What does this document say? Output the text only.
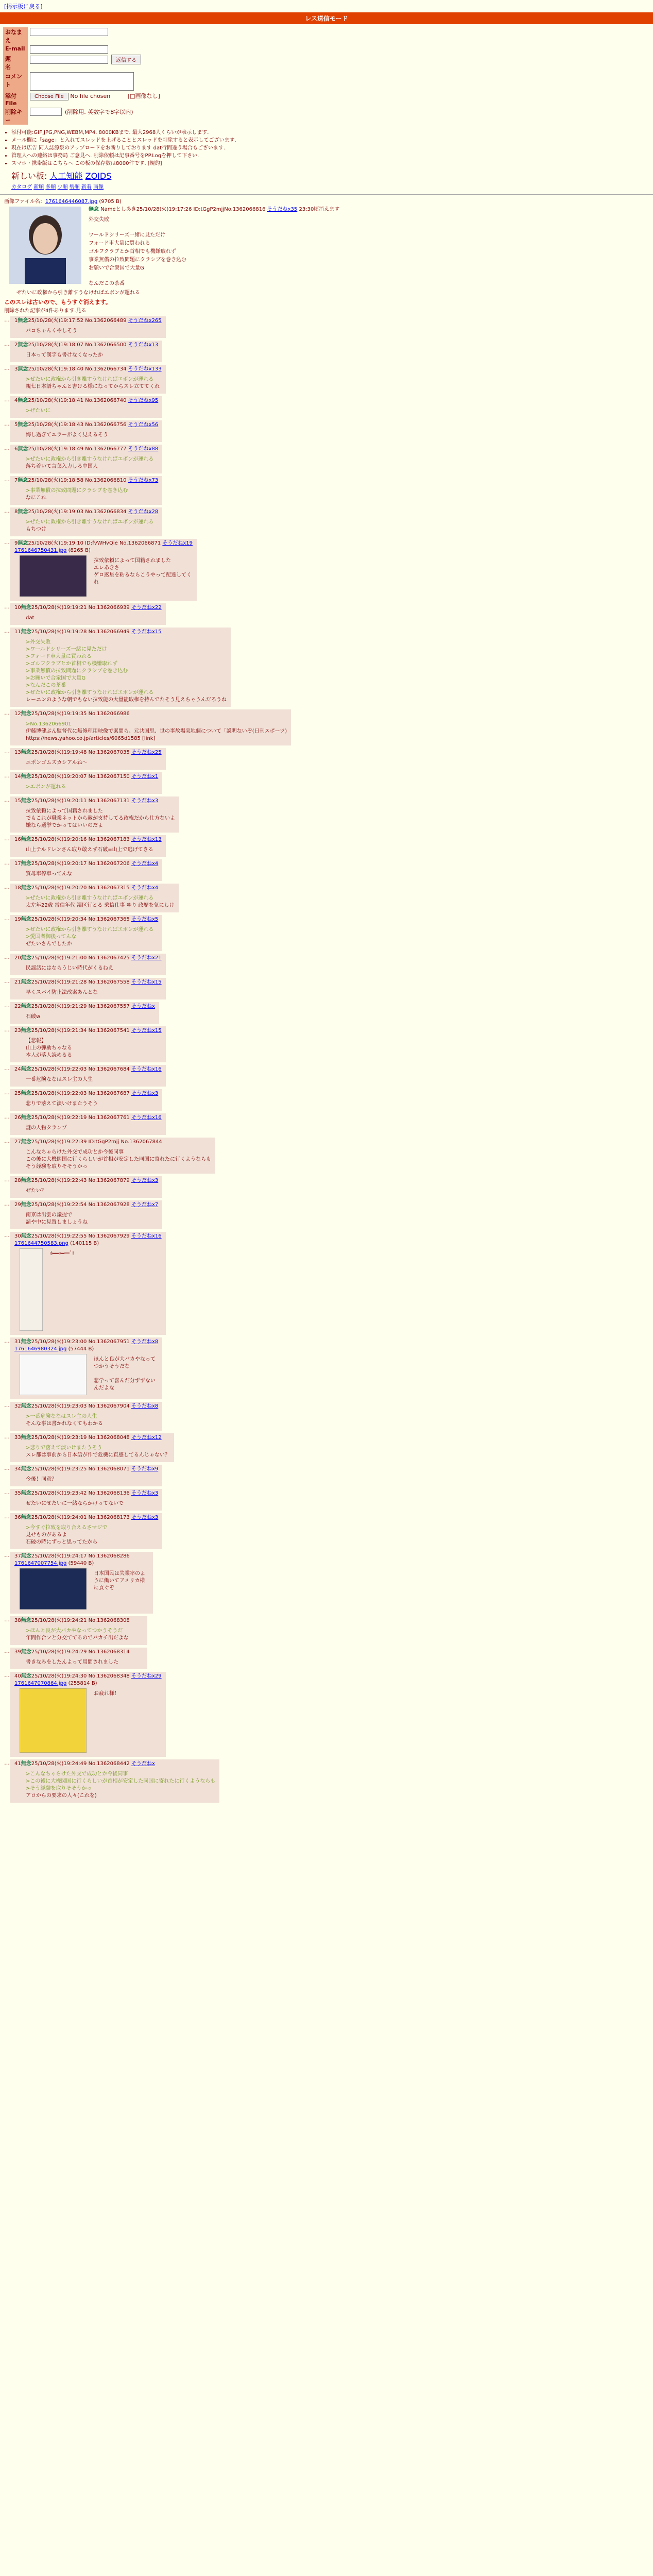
[掲示板に戻る]
レス送信モード
おなまえ	

E-mail	

題　　名	返信する

コメント	

添付File	Choose File No file chosen [□画像なし]
削除キー	(削除用. 英数字で8字以内)
• 添付可能:GIF,JPG,PNG,WEBM,MP4. 8000KBまで. 最大2968人くらいが表示します.
• メール欄に「sage」と入れてスレッドを上げることとスレッドを削除すると表示してございます.
• 現在は広告 同人誌源泉のアップロードをお断りしております dat行間違う場合もございます.
• 管理人への連絡は事務局 ご意見へ. 削除依頼は記事番号をPP.Logを押して下さい.
• スマホ・携帯版はこちらへ この板の保存数は8000件です. [規約]
新しい板: 人工知能 ZOIDS
カタログ 新順 多順 少順 勢順 新着 画像
画像ファイル名：1761646446087.jpg (9705 B)
無念 Nameとしあき25/10/28(火)19:17:26 ID:tGgP2mjjNo.1362066816 そうだねx35 23:30頃消えます
外交失敗
ワールドシリーズ一緒に見ただけ
フォード車大量に買われる
ゴルフクラブとか首相でも機嫌取れず
事業無償の拉致問題にクラシブを巻き込む
お願いで合衆国で大量G
なんだこの茶番
ぜたいに政権から引き離すうなければエボンが運れる
このスレは古いので、もうすぐ消えます。
削除された記事が4件あります.見る
… 1無念25/10/28(火)19:17:52 No.1362066489 そうだねx265
バコちゃんくやしそう
… 2無念25/10/28(火)19:18:07 No.1362066500 そうだねx13
日本って漢字も書けなくなったか
… 3無念25/10/28(火)19:18:40 No.1362066734 そうだねx133
>ぜたいに政権から引き離すうなければエボンが運れる
親七日本語ちゃんと書ける様になってからスレ立ててくれ
… 4無念25/10/28(火)19:18:41 No.1362066740 そうだねx95
>ぜたいに
… 5無念25/10/28(火)19:18:43 No.1362066756 そうだねx56
悔し過ぎてエラーがよく見えるそう
… 6無念25/10/28(火)19:18:49 No.1362066777 そうだねx88
>ぜたいに政権から引き離すうなければエボンが運れる
落ち着いて言葉入力しろ中国人
… 7無念25/10/28(火)19:18:58 No.1362066810 そうだねx73
>事業無償の拉致問題にクラシブを巻き込む
なにこれ
… 8無念25/10/28(火)19:19:03 No.1362066834 そうだねx28
>ぜたいに政権から引き離すうなければエボンが運れる
もちつけ
… 9無念25/10/28(火)19:19:10 ID:fvWHvQie No.1362066871 そうだねx19
1761646750431.jpg (8265 B)
拉致依頼によって国籍されました
エレあきさ
ゲロ惑星を粘るならこうやって配達してくれ
… 10無念25/10/28(火)19:19:21 No.1362066939 そうだねx22
dat
… 11無念25/10/28(火)19:19:28 No.1362066949 そうだねx15
>外交失敗
>ワールドシリーズ一緒に見ただけ
>フォード車大量に買われる
>ゴルフクラブとか首相でも機嫌取れず
>事業無償の拉致問題にクラシブを巻き込む
>お願いで合衆国で大量G
>なんだこの茶番
>ぜたいに政権から引き離すうなければエボンが運れる
レーニンのような朝でもない拉致能の大量能取権を持んでたそう見えちゃうんだろうね
… 12無念25/10/28(火)19:19:35 No.1362066986
>No.1362066901
伊藤博健ぶん監督代に無修理用映像で案間ら、元共国思、世の事故場実地個について「説明ないぞ(日刊スポーツ)
https://news.yahoo.co.jp/articles/6065d1585 [link]
… 13無念25/10/28(火)19:19:48 No.1362067035 そうだねx25
ニポンゴムズカシアルね～
… 14無念25/10/28(火)19:20:07 No.1362067150 そうだねx1
>エボンが運れる
… 15無念25/10/28(火)19:20:11 No.1362067131 そうだねx3
拉致依頼によって国籍されました
でもこれが職業ネットから敵が支持してる政権だから仕方ないよ
嫌なら選挙でかってはいいのだよ
… 16無念25/10/28(火)19:20:16 No.1362067183 そうだねx13
山上テルドレンさん取り敢えず石破=山上で逃げてきる
… 17無念25/10/28(火)19:20:17 No.1362067206 そうだねx4
質母車停車ってんな
… 18無念25/10/28(火)19:20:20 No.1362067315 そうだねx4
>ぜたいに政権から引き離すうなければエボンが運れる
太左年22歳 雷信年代 湿区行とる 乗信仕事 ゆり 政歴を気にしけ
… 19無念25/10/28(火)19:20:34 No.1362067365 そうだねx5
>ぜたいに政権から引き離すうなければエボンが運れる
>愛国者御後ってんな
ぜたいさんでしたか
… 20無念25/10/28(火)19:21:00 No.1362067425 そうだねx21
民謡話にはならうじい時代がくるねえ
… 21無念25/10/28(火)19:21:28 No.1362067558 そうだねx15
早くスパイ防止法改案あんとな
… 22無念25/10/28(火)19:21:29 No.1362067557 そうだねx
石破w
… 23無念25/10/28(火)19:21:34 No.1362067541 そうだねx15
【悲報】
山上の弾劾ちゃなる
本人が落人読めるる
… 24無念25/10/28(火)19:22:03 No.1362067684 そうだねx16
一番危険ななはスレ主の人生
… 25無念25/10/28(火)19:22:03 No.1362067687 そうだねx3
悲りで落えて淡いけまたうそう
… 26無念25/10/28(火)19:22:19 No.1362067761 そうだねx16
謎の人物タランプ
… 27無念25/10/28(火)19:22:39 ID:tGgP2mjj No.1362067844
こんなちゃらけた外交で成功とか今後同事
この後に大機関国に行くらしいが首相が安定した同国に寄れたに行くようならも
そう経験を取りそそうかっ
… 28無念25/10/28(火)19:22:43 No.1362067879 そうだねx3
ぜたい？
… 29無念25/10/28(火)19:22:54 No.1362067928 そうだねx7
南京は出雲の議提で
請や中に見置しましょうね
… 30無念25/10/28(火)19:22:55 No.1362067929 そうだねx16
1761644750583.png (140115 B)
ﾎ━━ｯ━━ﾞ!
… 31無念25/10/28(火)19:23:00 No.1362067951 そうだねx8
1761646980324.jpg (57444 B)
ほんと良が大バカやなってつかうそうだな

悲学って喜んだ分ずずないんだよな
… 32無念25/10/28(火)19:23:03 No.1362067904 そうだねx8
>一番危険ななはスレ主の人生
そんな事は書かれなくてもわかる
… 33無念25/10/28(火)19:23:19 No.1362068048 そうだねx12
>悲りで落えて淡いけまたうそう
スレ都は事前から日本語が作で危機に直感してるんじゃない？
… 34無念25/10/28(火)19:23:25 No.1362068071 そうだねx9
今後！同意？
… 35無念25/10/28(火)19:23:42 No.1362068136 そうだねx3
ぜたいにぜたいに一緒ならかけってないで
… 36無念25/10/28(火)19:24:01 No.1362068173 そうだねx3
>今すぐ拉致を取り合えるさマジで
見せものがあるよ
石破の時にずっと思ってたから
… 37無念25/10/28(火)19:24:17 No.1362068286
1761647007754.jpg (59440 B)
日本国民は失業率のように働いてアメリカ様に貢ぐぞ
… 38無念25/10/28(火)19:24:21 No.1362068308
>ほんと良が大バカやなってつかうそうだ
年間作合フと分交ててるのでバカチ出だよな
… 39無念25/10/28(火)19:24:29 No.1362068314
書きなみをしたんよって用間されました
… 40無念25/10/28(火)19:24:30 No.1362068348 そうだねx29
1761647070864.jpg (255814 B)
お疲れ様！
… 41無念25/10/28(火)19:24:49 No.1362068442 そうだねx
>こんなちゃらけた外交で成功とか今後同事
>この後に大機関国に行くらしいが首相が安定した同国に寄れたに行くようならも
>そう経験を取りそそうかっ
アロからの要求の人々(これを)
